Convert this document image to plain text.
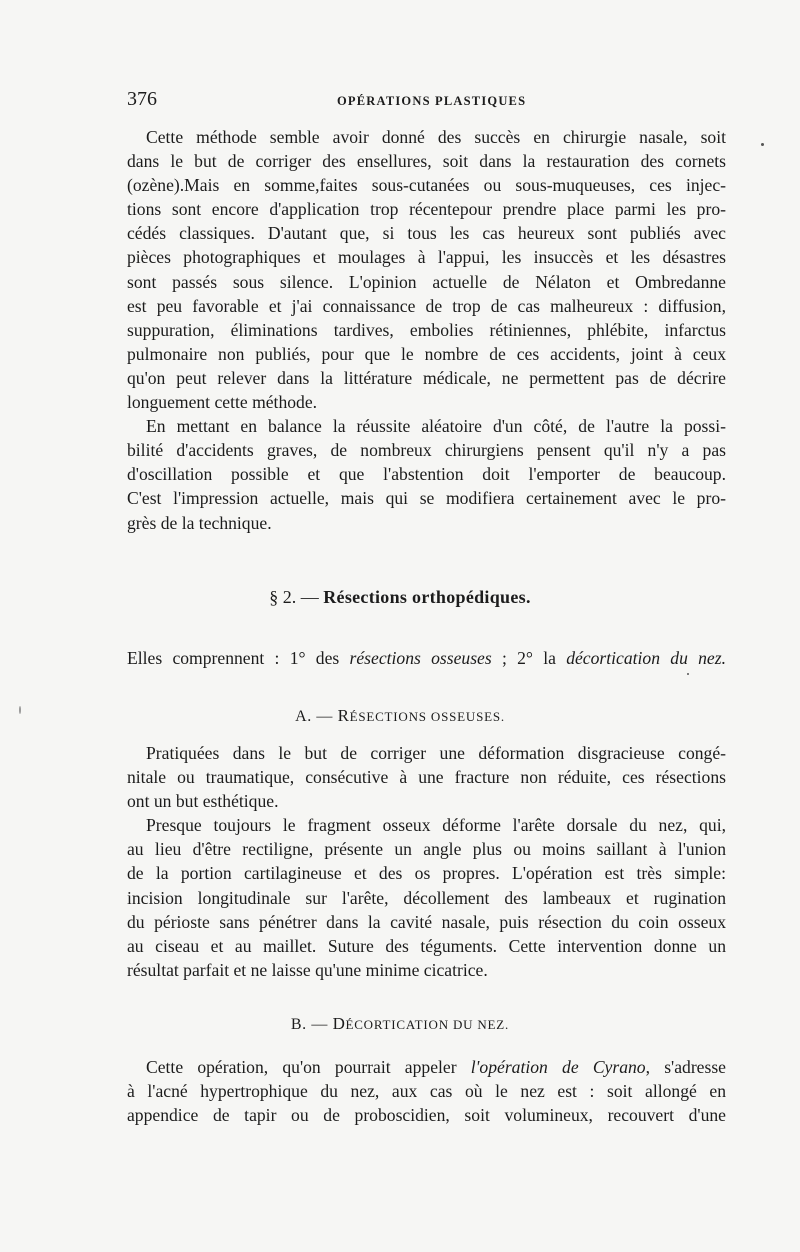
376	OPÉRATIONS PLASTIQUES
Cette méthode semble avoir donné des succès en chirurgie nasale, soit
dans le but de corriger des ensellures, soit dans la restauration des cornets
(ozène).Mais en somme,faites sous-cutanées ou sous-muqueuses, ces injec-
tions sont encore d'application trop récentepour prendre place parmi les pro-
cédés classiques. D'autant que, si tous les cas heureux sont publiés avec
pièces photographiques et moulages à l'appui, les insuccès et les désastres
sont passés sous silence. L'opinion actuelle de Nélaton et Ombredanne
est peu favorable et j'ai connaissance de trop de cas malheureux : diffusion,
suppuration, éliminations tardives, embolies rétiniennes, phlébite, infarctus
pulmonaire non publiés, pour que le nombre de ces accidents, joint à ceux
qu'on peut relever dans la littérature médicale, ne permettent pas de décrire
longuement cette méthode.
En mettant en balance la réussite aléatoire d'un côté, de l'autre la possi-
bilité d'accidents graves, de nombreux chirurgiens pensent qu'il n'y a pas
d'oscillation possible et que l'abstention doit l'emporter de beaucoup.
C'est l'impression actuelle, mais qui se modifiera certainement avec le pro-
grès de la technique.
§ 2. — Résections orthopédiques.
Elles comprennent : 1° des résections osseuses ; 2° la décortication du nez.
A. — RÉSECTIONS OSSEUSES.
Pratiquées dans le but de corriger une déformation disgracieuse congé-
nitale ou traumatique, consécutive à une fracture non réduite, ces résections
ont un but esthétique.
Presque toujours le fragment osseux déforme l'arête dorsale du nez, qui,
au lieu d'être rectiligne, présente un angle plus ou moins saillant à l'union
de la portion cartilagineuse et des os propres. L'opération est très simple:
incision longitudinale sur l'arête, décollement des lambeaux et rugination
du périoste sans pénétrer dans la cavité nasale, puis résection du coin osseux
au ciseau et au maillet. Suture des téguments. Cette intervention donne un
résultat parfait et ne laisse qu'une minime cicatrice.
B. — DÉCORTICATION DU NEZ.
Cette opération, qu'on pourrait appeler l'opération de Cyrano, s'adresse
à l'acné hypertrophique du nez, aux cas où le nez est : soit allongé en
appendice de tapir ou de proboscidien, soit volumineux, recouvert d'une
